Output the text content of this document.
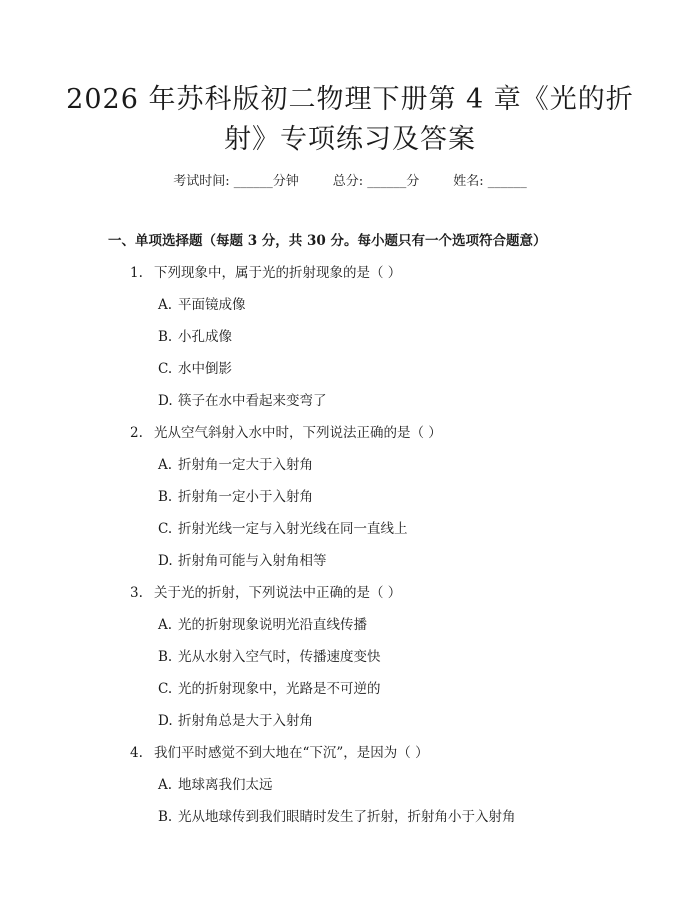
2026 年苏科版初二物理下册第 4 章《光的折
射》专项练习及答案
考试时间: ______分钟	总分: ______分	姓名: ______
一、单项选择题（每题 3 分，共 30 分。每小题只有一个选项符合题意）
1. 下列现象中，属于光的折射现象的是（ ）
A. 平面镜成像
B. 小孔成像
C. 水中倒影
D. 筷子在水中看起来变弯了
2. 光从空气斜射入水中时，下列说法正确的是（ ）
A. 折射角一定大于入射角
B. 折射角一定小于入射角
C. 折射光线一定与入射光线在同一直线上
D. 折射角可能与入射角相等
3. 关于光的折射，下列说法中正确的是（ ）
A. 光的折射现象说明光沿直线传播
B. 光从水射入空气时，传播速度变快
C. 光的折射现象中，光路是不可逆的
D. 折射角总是大于入射角
4. 我们平时感觉不到大地在“下沉”，是因为（ ）
A. 地球离我们太远
B. 光从地球传到我们眼睛时发生了折射，折射角小于入射角
